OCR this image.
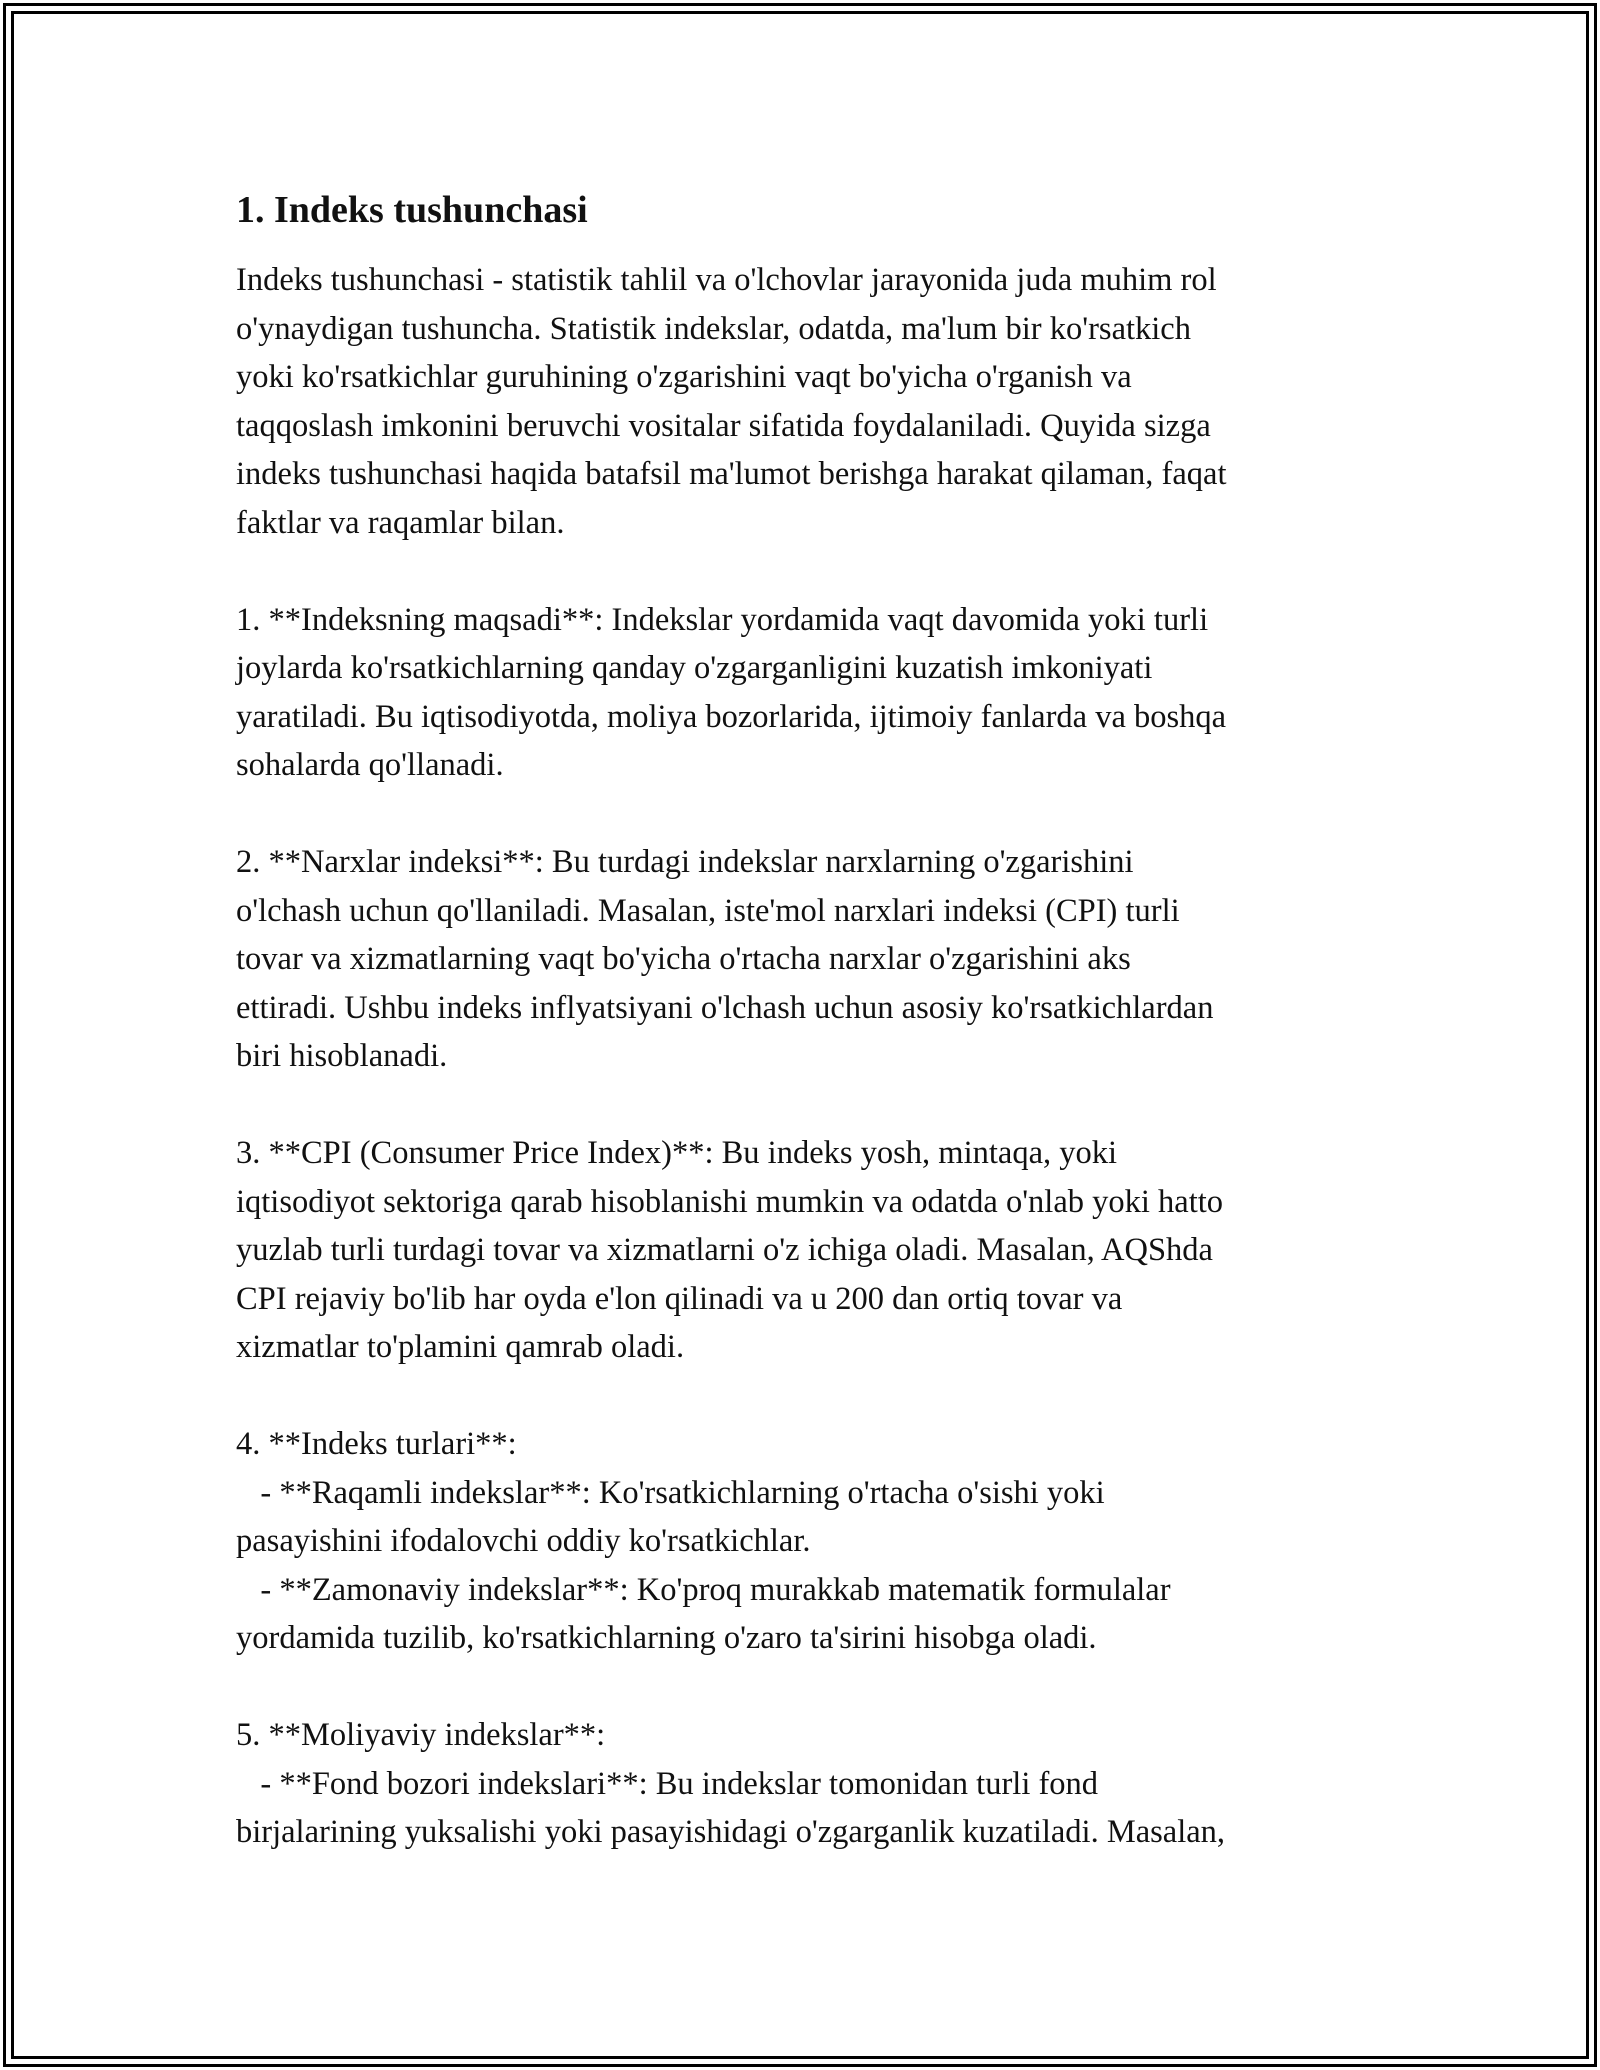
1. Indeks tushunchasi

Indeks tushunchasi - statistik tahlil va o'lchovlar jarayonida juda muhim rol
o'ynaydigan tushuncha. Statistik indekslar, odatda, ma'lum bir ko'rsatkich
yoki ko'rsatkichlar guruhining o'zgarishini vaqt bo'yicha o'rganish va
taqqoslash imkonini beruvchi vositalar sifatida foydalaniladi. Quyida sizga
indeks tushunchasi haqida batafsil ma'lumot berishga harakat qilaman, faqat
faktlar va raqamlar bilan.

1. **Indeksning maqsadi**: Indekslar yordamida vaqt davomida yoki turli
joylarda ko'rsatkichlarning qanday o'zgarganligini kuzatish imkoniyati
yaratiladi. Bu iqtisodiyotda, moliya bozorlarida, ijtimoiy fanlarda va boshqa
sohalarda qo'llanadi.

2. **Narxlar indeksi**: Bu turdagi indekslar narxlarning o'zgarishini
o'lchash uchun qo'llaniladi. Masalan, iste'mol narxlari indeksi (CPI) turli
tovar va xizmatlarning vaqt bo'yicha o'rtacha narxlar o'zgarishini aks
ettiradi. Ushbu indeks inflyatsiyani o'lchash uchun asosiy ko'rsatkichlardan
biri hisoblanadi.

3. **CPI (Consumer Price Index)**: Bu indeks yosh, mintaqa, yoki
iqtisodiyot sektoriga qarab hisoblanishi mumkin va odatda o'nlab yoki hatto
yuzlab turli turdagi tovar va xizmatlarni o'z ichiga oladi. Masalan, AQShda
CPI rejaviy bo'lib har oyda e'lon qilinadi va u 200 dan ortiq tovar va
xizmatlar to'plamini qamrab oladi.

4. **Indeks turlari**:
- **Raqamli indekslar**: Ko'rsatkichlarning o'rtacha o'sishi yoki
pasayishini ifodalovchi oddiy ko'rsatkichlar.
- **Zamonaviy indekslar**: Ko'proq murakkab matematik formulalar
yordamida tuzilib, ko'rsatkichlarning o'zaro ta'sirini hisobga oladi.

5. **Moliyaviy indekslar**:
- **Fond bozori indekslari**: Bu indekslar tomonidan turli fond
birjalarining yuksalishi yoki pasayishidagi o'zgarganlik kuzatiladi. Masalan,
